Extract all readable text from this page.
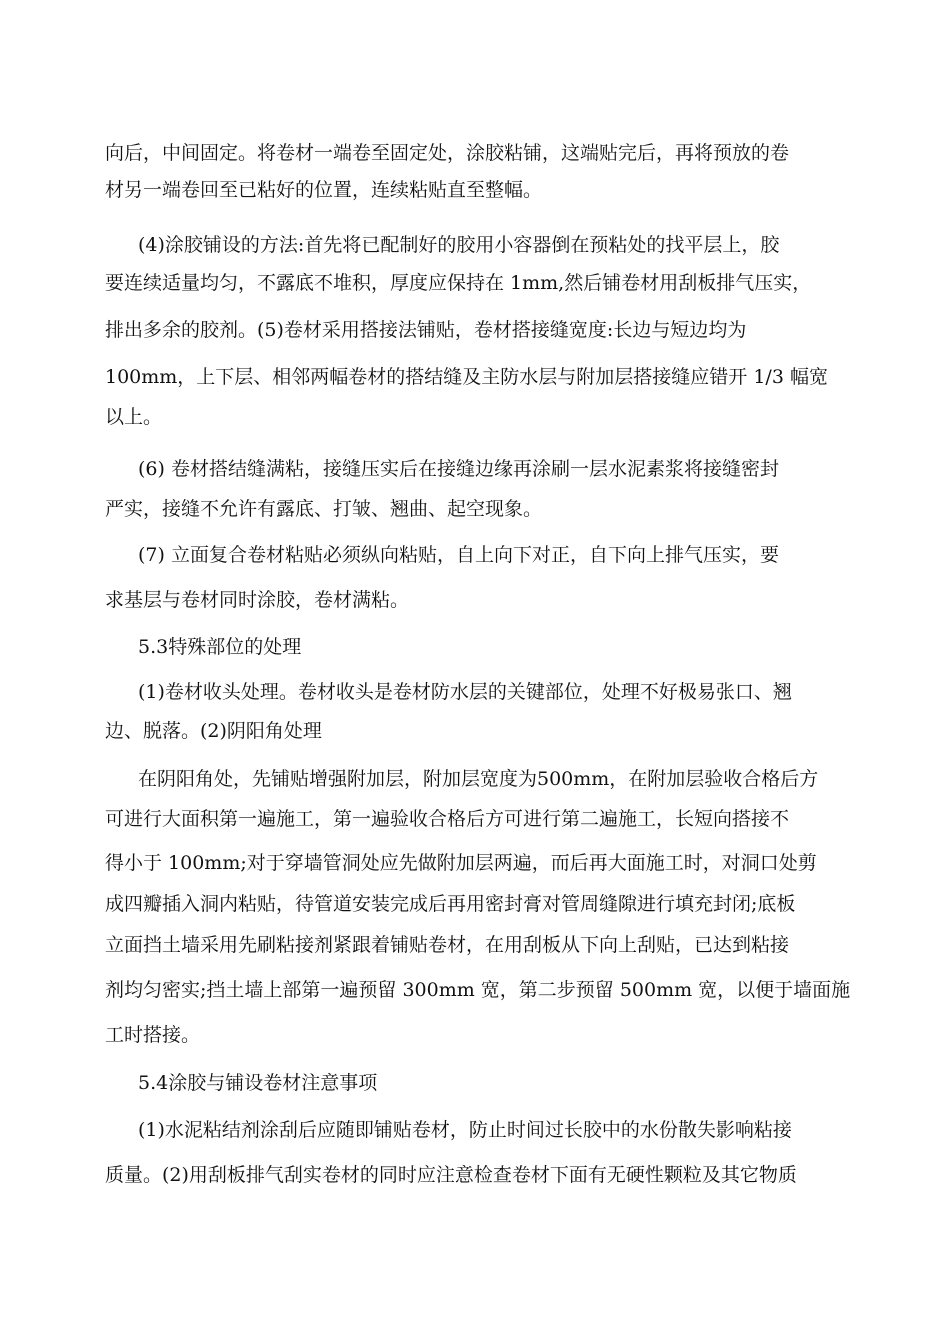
向后，中间固定。将卷材一端卷至固定处，涂胶粘铺，这端贴完后，再将预放的卷
材另一端卷回至已粘好的位置，连续粘贴直至整幅。
(4)涂胶铺设的方法:首先将已配制好的胶用小容器倒在预粘处的找平层上，胶
要连续适量均匀，不露底不堆积，厚度应保持在 1mm,然后铺卷材用刮板排气压实，
排出多余的胶剂。(5)卷材采用搭接法铺贴，卷材搭接缝宽度:长边与短边均为
100mm，上下层、相邻两幅卷材的搭结缝及主防水层与附加层搭接缝应错开 1/3 幅宽
以上。
(6) 卷材搭结缝满粘，接缝压实后在接缝边缘再涂刷一层水泥素浆将接缝密封
严实，接缝不允许有露底、打皱、翘曲、起空现象。
(7) 立面复合卷材粘贴必须纵向粘贴，自上向下对正，自下向上排气压实，要
求基层与卷材同时涂胶，卷材满粘。
5.3特殊部位的处理
(1)卷材收头处理。卷材收头是卷材防水层的关键部位，处理不好极易张口、翘
边、脱落。(2)阴阳角处理
在阴阳角处，先铺贴增强附加层，附加层宽度为500mm，在附加层验收合格后方
可进行大面积第一遍施工，第一遍验收合格后方可进行第二遍施工，长短向搭接不
得小于 100mm;对于穿墙管洞处应先做附加层两遍，而后再大面施工时，对洞口处剪
成四瓣插入洞内粘贴，待管道安装完成后再用密封膏对管周缝隙进行填充封闭;底板
立面挡土墙采用先刷粘接剂紧跟着铺贴卷材，在用刮板从下向上刮贴，已达到粘接
剂均匀密实;挡土墙上部第一遍预留 300mm 宽，第二步预留 500mm 宽，以便于墙面施
工时搭接。
5.4涂胶与铺设卷材注意事项
(1)水泥粘结剂涂刮后应随即铺贴卷材，防止时间过长胶中的水份散失影响粘接
质量。(2)用刮板排气刮实卷材的同时应注意检查卷材下面有无硬性颗粒及其它物质
